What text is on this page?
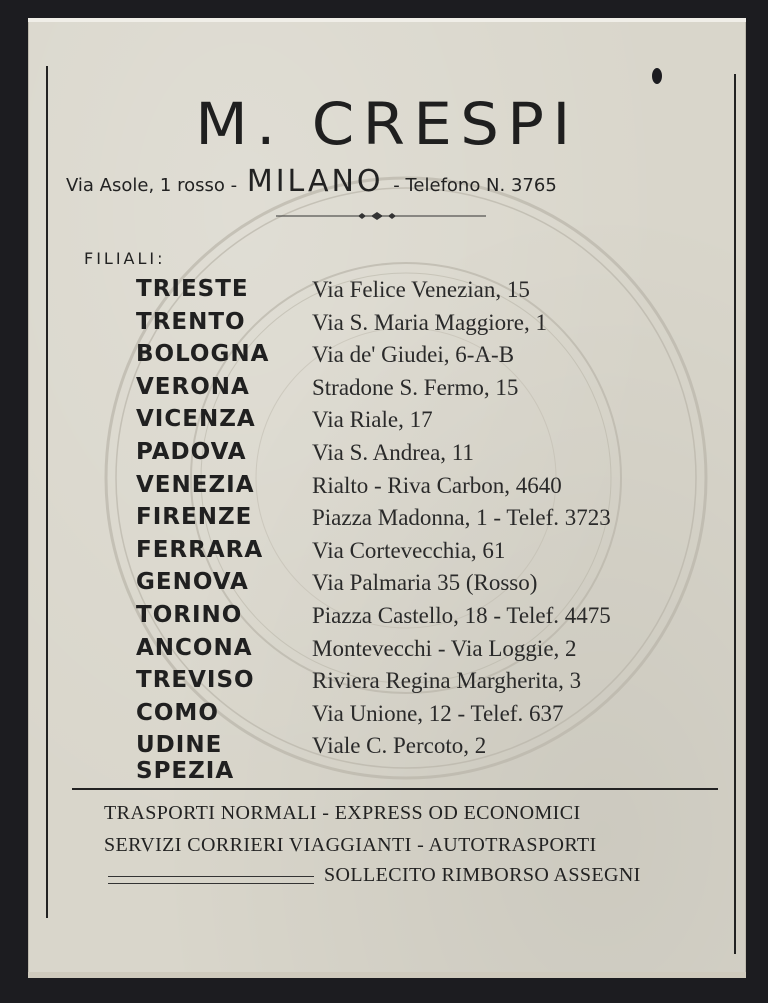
M. CRESPI
Via Asole, 1 rosso - MILANO - Telefono N. 3765
FILIALI:
TRIESTE	Via Felice Venezian, 15
TRENTO	Via S. Maria Maggiore, 1
BOLOGNA Via de' Giudei, 6-A-B
VERONA	Stradone S. Fermo, 15
VICENZA Via Riale, 17
PADOVA	Via S. Andrea, 11
VENEZIA Rialto - Riva Carbon, 4640
FIRENZE	Piazza Madonna, 1 - Telef. 3723
FERRARA Via Cortevecchia, 61
GENOVA	Via Palmaria 35 (Rosso)
TORINO	Piazza Castello, 18 - Telef. 4475
ANCONA	Montevecchi - Via Loggie, 2
TREVISO Riviera Regina Margherita, 3
COMO	Via Unione, 12 - Telef. 637
UDINE	Viale C. Percoto, 2
SPEZIA
TRASPORTI NORMALI - EXPRESS OD ECONOMICI
SERVIZI CORRIERI VIAGGIANTI - AUTOTRASPORTI
SOLLECITO RIMBORSO ASSEGNI
